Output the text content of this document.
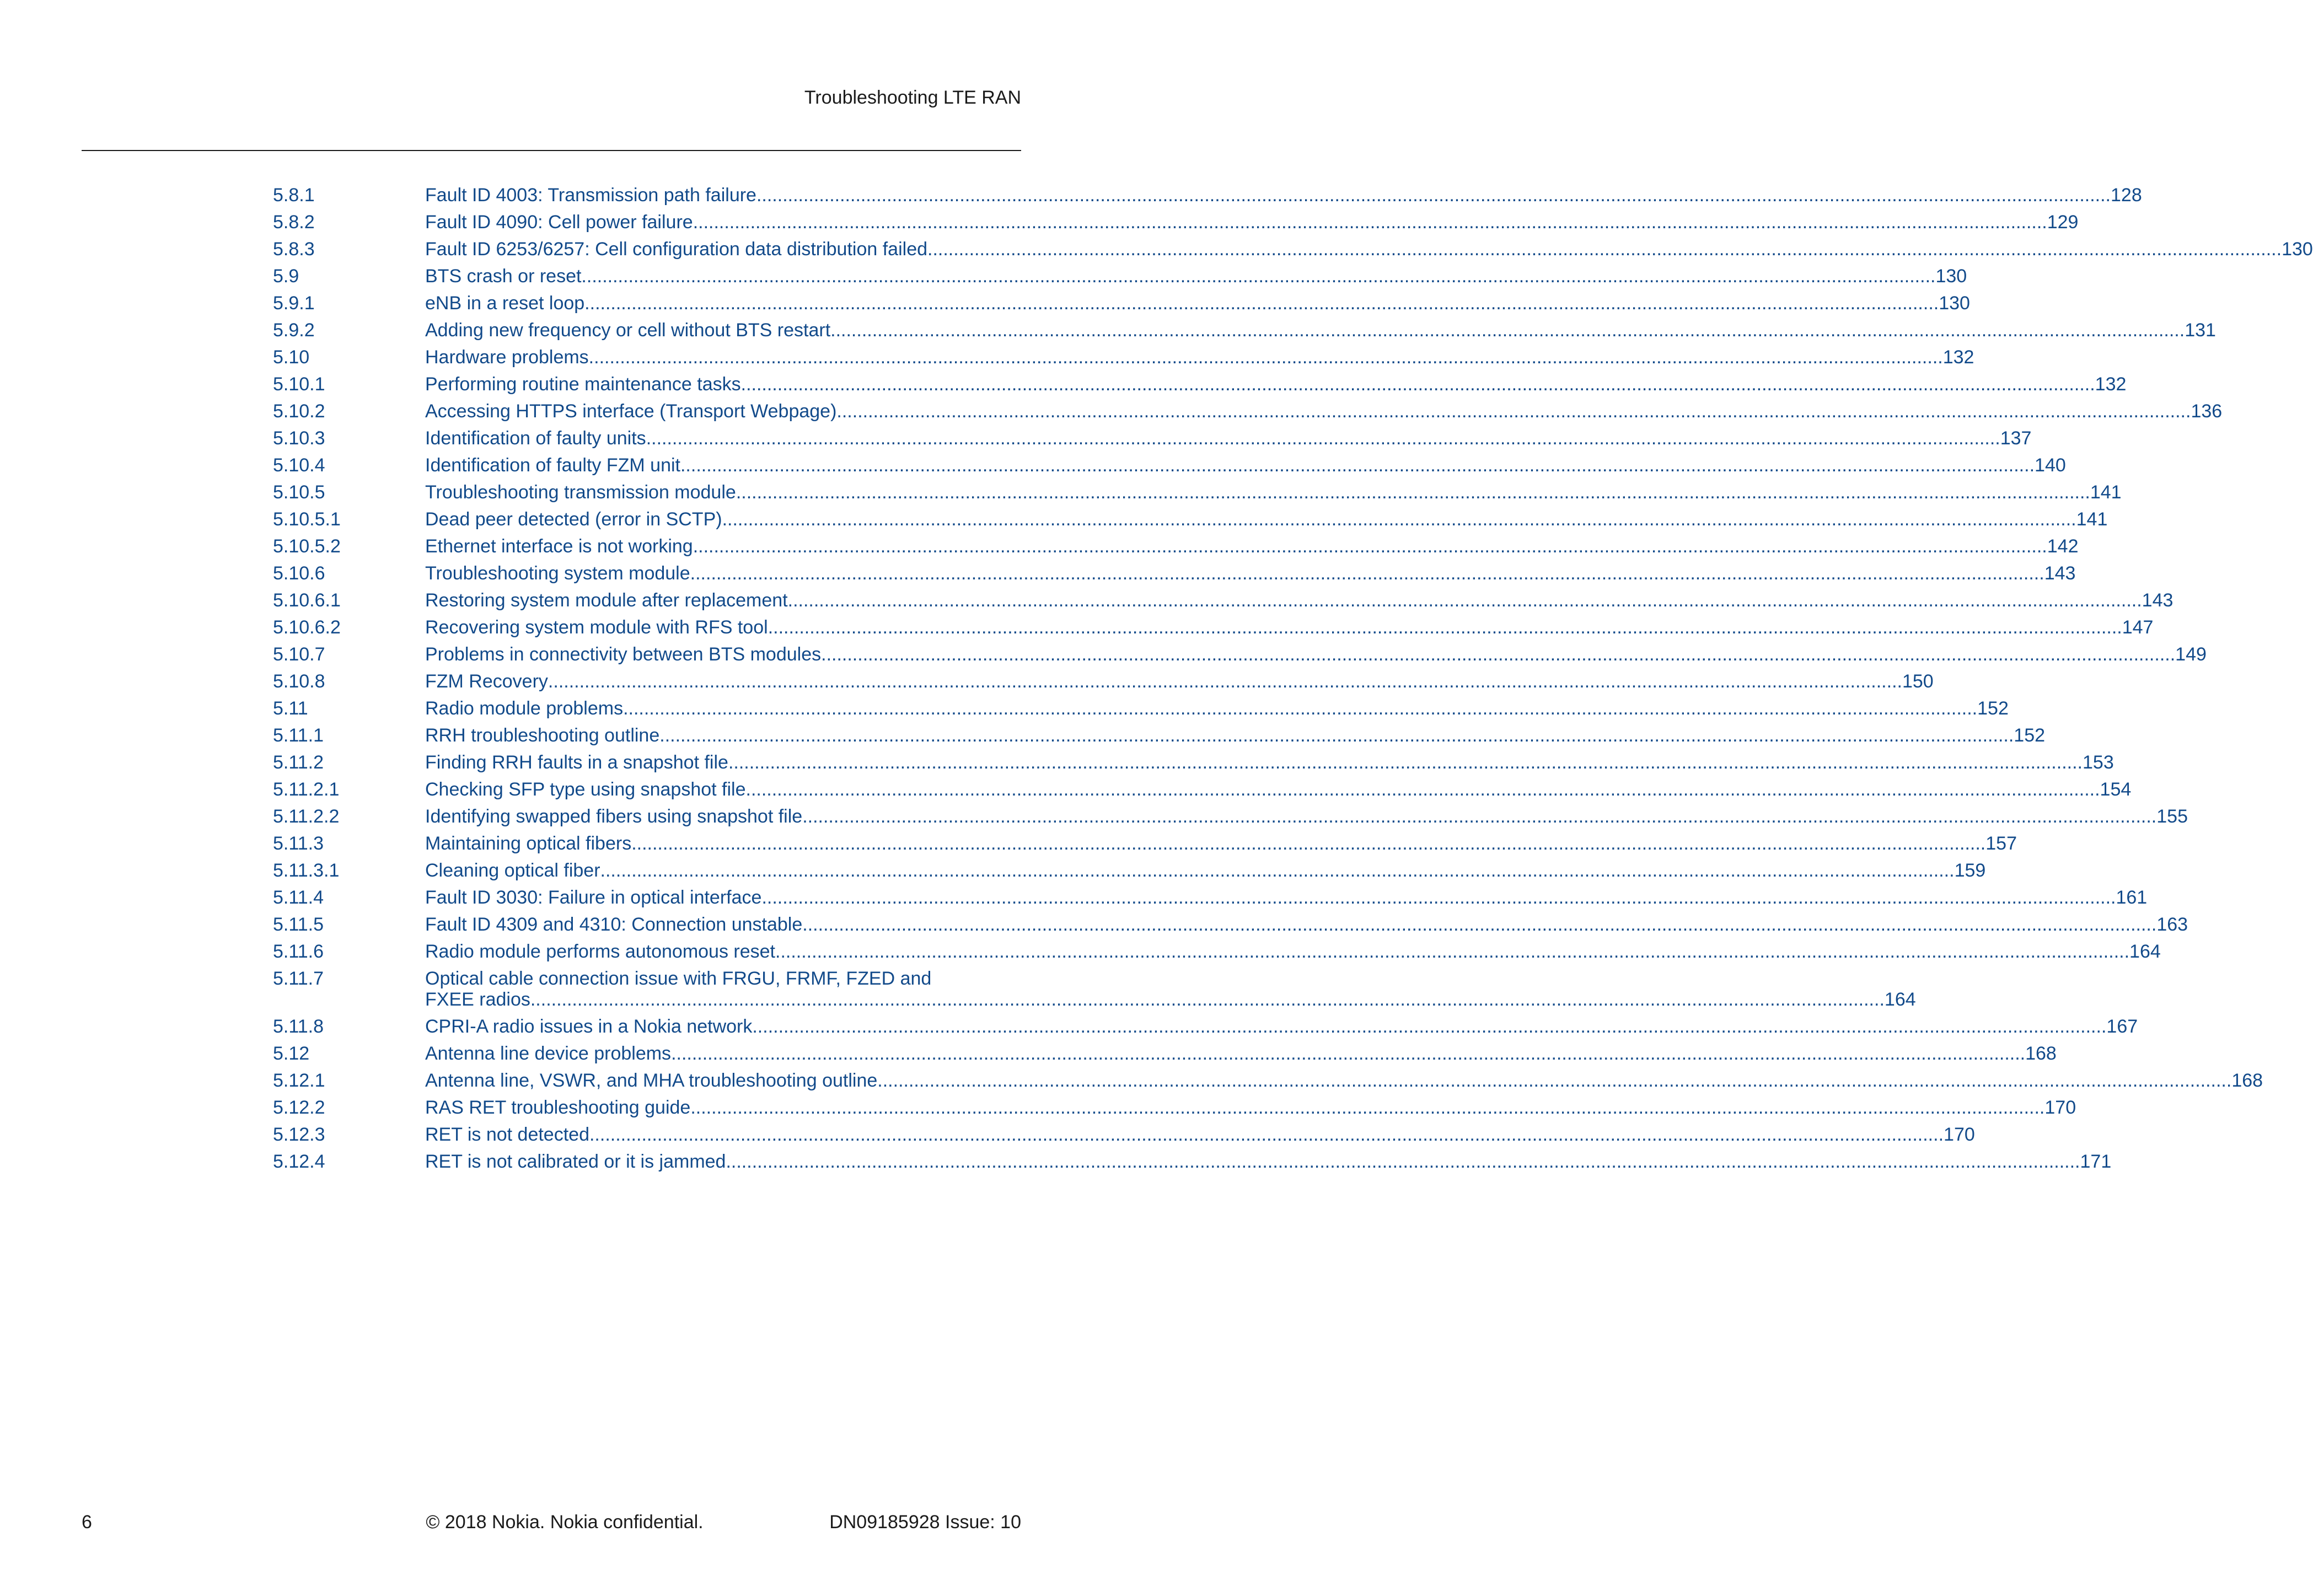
Troubleshooting LTE RAN
5.8.1	Fault ID 4003: Transmission path failure .....	128
5.8.2	Fault ID 4090: Cell power failure .....	129
5.8.3	Fault ID 6253/6257: Cell configuration data distribution failed .....	130
5.9	BTS crash or reset .....	130
5.9.1	eNB in a reset loop .....	130
5.9.2	Adding new frequency or cell without BTS restart .....	131
5.10	Hardware problems .....	132
5.10.1	Performing routine maintenance tasks .....	132
5.10.2	Accessing HTTPS interface (Transport Webpage) .....	136
5.10.3	Identification of faulty units .....	137
5.10.4	Identification of faulty FZM unit .....	140
5.10.5	Troubleshooting transmission module .....	141
5.10.5.1	Dead peer detected (error in SCTP) .....	141
5.10.5.2	Ethernet interface is not working .....	142
5.10.6	Troubleshooting system module .....	143
5.10.6.1	Restoring system module after replacement .....	143
5.10.6.2	Recovering system module with RFS tool .....	147
5.10.7	Problems in connectivity between BTS modules .....	149
5.10.8	FZM Recovery .....	150
5.11	Radio module problems .....	152
5.11.1	RRH troubleshooting outline .....	152
5.11.2	Finding RRH faults in a snapshot file .....	153
5.11.2.1	Checking SFP type using snapshot file .....	154
5.11.2.2	Identifying swapped fibers using snapshot file .....	155
5.11.3	Maintaining optical fibers .....	157
5.11.3.1	Cleaning optical fiber .....	159
5.11.4	Fault ID 3030: Failure in optical interface .....	161
5.11.5	Fault ID 4309 and 4310: Connection unstable .....	163
5.11.6	Radio module performs autonomous reset .....	164
5.11.7	Optical cable connection issue with FRGU, FRMF, FZED and
FXEE radios .....	164
5.11.8	CPRI-A radio issues in a Nokia network .....	167
5.12	Antenna line device problems .....	168
5.12.1	Antenna line, VSWR, and MHA troubleshooting outline .....	168
5.12.2	RAS RET troubleshooting guide .....	170
5.12.3	RET is not detected .....	170
5.12.4	RET is not calibrated or it is jammed .....	171
6	© 2018 Nokia. Nokia confidential.	DN09185928 Issue: 10
